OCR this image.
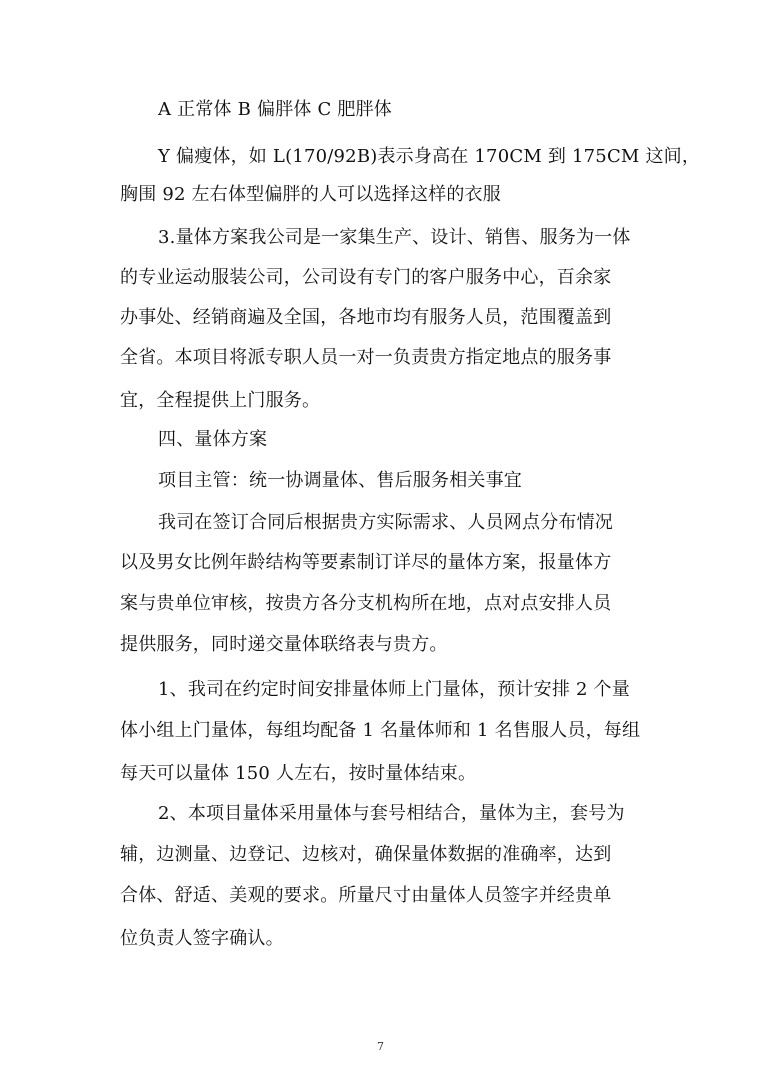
A 正常体 B 偏胖体 C 肥胖体
Y 偏瘦体，如 L(170/92B)表示身高在 170CM 到 175CM 这间，
胸围 92 左右体型偏胖的人可以选择这样的衣服
3.量体方案我公司是一家集生产、设计、销售、服务为一体
的专业运动服装公司，公司设有专门的客户服务中心，百余家
办事处、经销商遍及全国，各地市均有服务人员，范围覆盖到
全省。本项目将派专职人员一对一负责贵方指定地点的服务事
宜，全程提供上门服务。
四、量体方案
项目主管：统一协调量体、售后服务相关事宜
我司在签订合同后根据贵方实际需求、人员网点分布情况
以及男女比例年龄结构等要素制订详尽的量体方案，报量体方
案与贵单位审核，按贵方各分支机构所在地，点对点安排人员
提供服务，同时递交量体联络表与贵方。
1、我司在约定时间安排量体师上门量体，预计安排 2 个量
体小组上门量体，每组均配备 1 名量体师和 1 名售服人员，每组
每天可以量体 150 人左右，按时量体结束。
2、本项目量体采用量体与套号相结合，量体为主，套号为
辅，边测量、边登记、边核对，确保量体数据的准确率，达到
合体、舒适、美观的要求。所量尺寸由量体人员签字并经贵单
位负责人签字确认。
7
